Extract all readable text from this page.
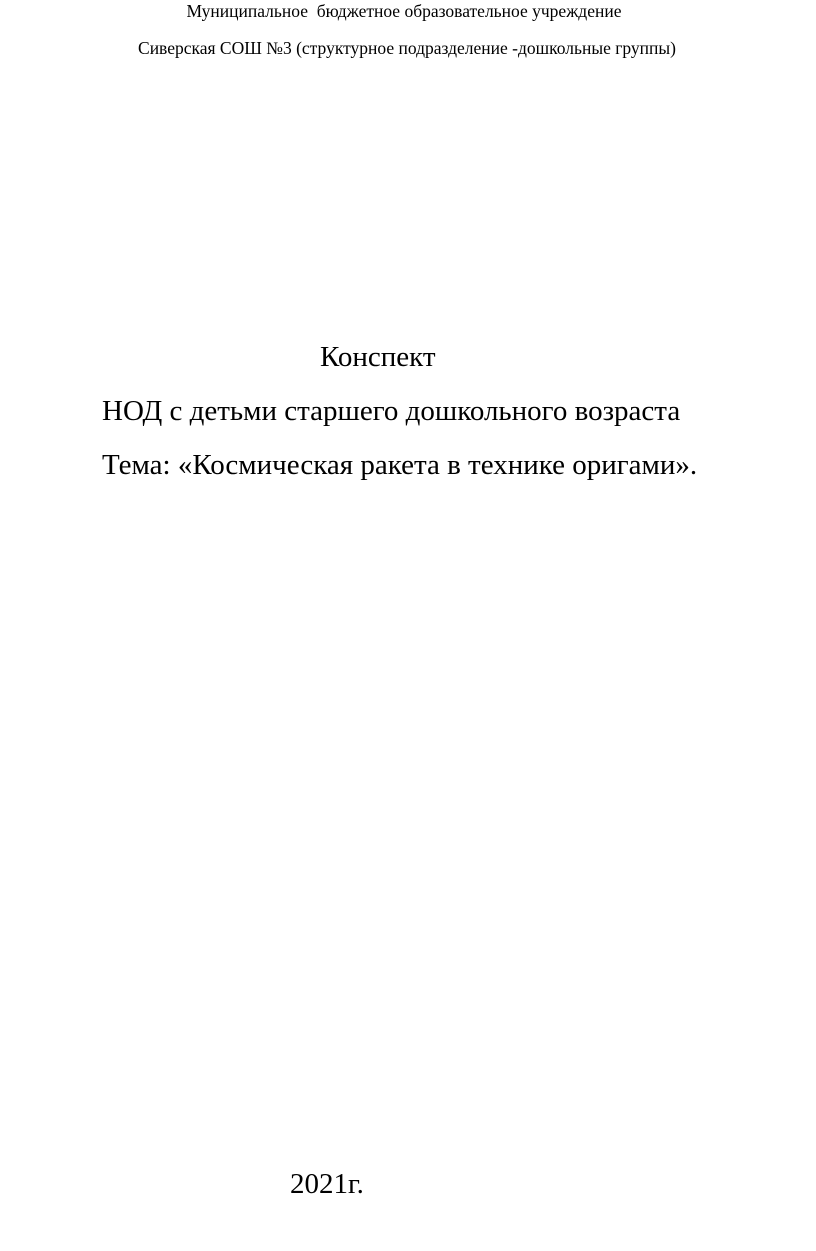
Муниципальное  бюджетное образовательное учреждение

Сиверская СОШ №3 (структурное подразделение -дошкольные группы)

Конспект

НОД с детьми старшего дошкольного возраста

Тема: «Космическая ракета в технике оригами».

2021г.
